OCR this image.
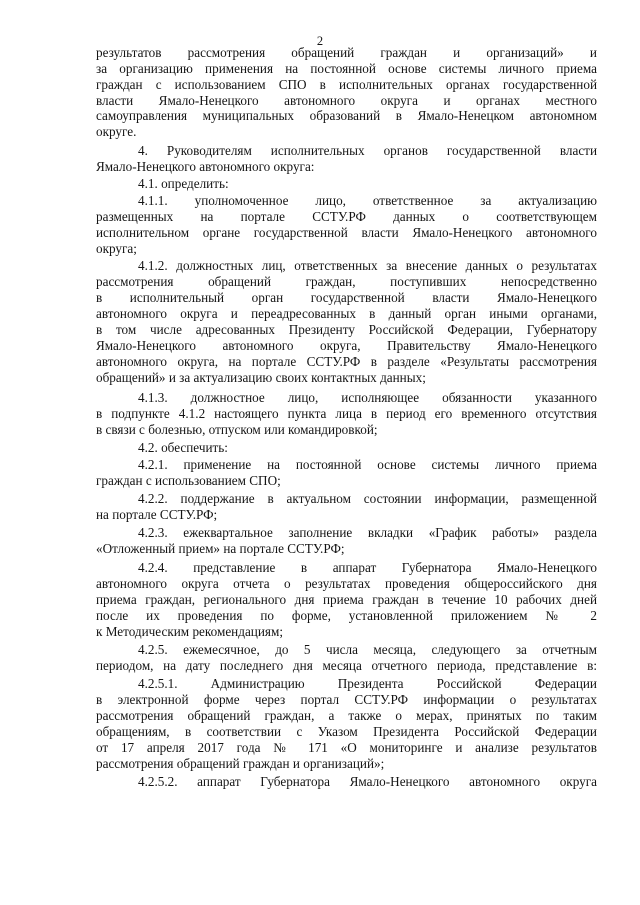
2
результатов рассмотрения обращений граждан и организаций» и
за организацию применения на постоянной основе системы личного приема
граждан с использованием СПО в исполнительных органах государственной
власти Ямало-Ненецкого автономного округа и органах местного
самоуправления муниципальных образований в Ямало-Ненецком автономном
округе.
4. Руководителям исполнительных органов государственной власти
Ямало-Ненецкого автономного округа:
4.1. определить:
4.1.1. уполномоченное лицо, ответственное за актуализацию
размещенных на портале ССТУ.РФ данных о соответствующем
исполнительном органе государственной власти Ямало-Ненецкого автономного
округа;
4.1.2. должностных лиц, ответственных за внесение данных о результатах
рассмотрения обращений граждан, поступивших непосредственно
в исполнительный орган государственной власти Ямало-Ненецкого
автономного округа и переадресованных в данный орган иными органами,
в том числе адресованных Президенту Российской Федерации, Губернатору
Ямало-Ненецкого автономного округа, Правительству Ямало-Ненецкого
автономного округа, на портале ССТУ.РФ в разделе «Результаты рассмотрения
обращений» и за актуализацию своих контактных данных;
4.1.3. должностное лицо, исполняющее обязанности указанного
в подпункте 4.1.2 настоящего пункта лица в период его временного отсутствия
в связи с болезнью, отпуском или командировкой;
4.2. обеспечить:
4.2.1. применение на постоянной основе системы личного приема
граждан с использованием СПО;
4.2.2. поддержание в актуальном состоянии информации, размещенной
на портале ССТУ.РФ;
4.2.3. ежеквартальное заполнение вкладки «График работы» раздела
«Отложенный прием» на портале ССТУ.РФ;
4.2.4. представление в аппарат Губернатора Ямало-Ненецкого
автономного округа отчета о результатах проведения общероссийского дня
приема граждан, регионального дня приема граждан в течение 10 рабочих дней
после их проведения по форме, установленной приложением № 2
к Методическим рекомендациям;
4.2.5. ежемесячное, до 5 числа месяца, следующего за отчетным
периодом, на дату последнего дня месяца отчетного периода, представление в:
4.2.5.1. Администрацию Президента Российской Федерации
в электронной форме через портал ССТУ.РФ информации о результатах
рассмотрения обращений граждан, а также о мерах, принятых по таким
обращениям, в соответствии с Указом Президента Российской Федерации
от 17 апреля 2017 года № 171 «О мониторинге и анализе результатов
рассмотрения обращений граждан и организаций»;
4.2.5.2. аппарат Губернатора Ямало-Ненецкого автономного округа
